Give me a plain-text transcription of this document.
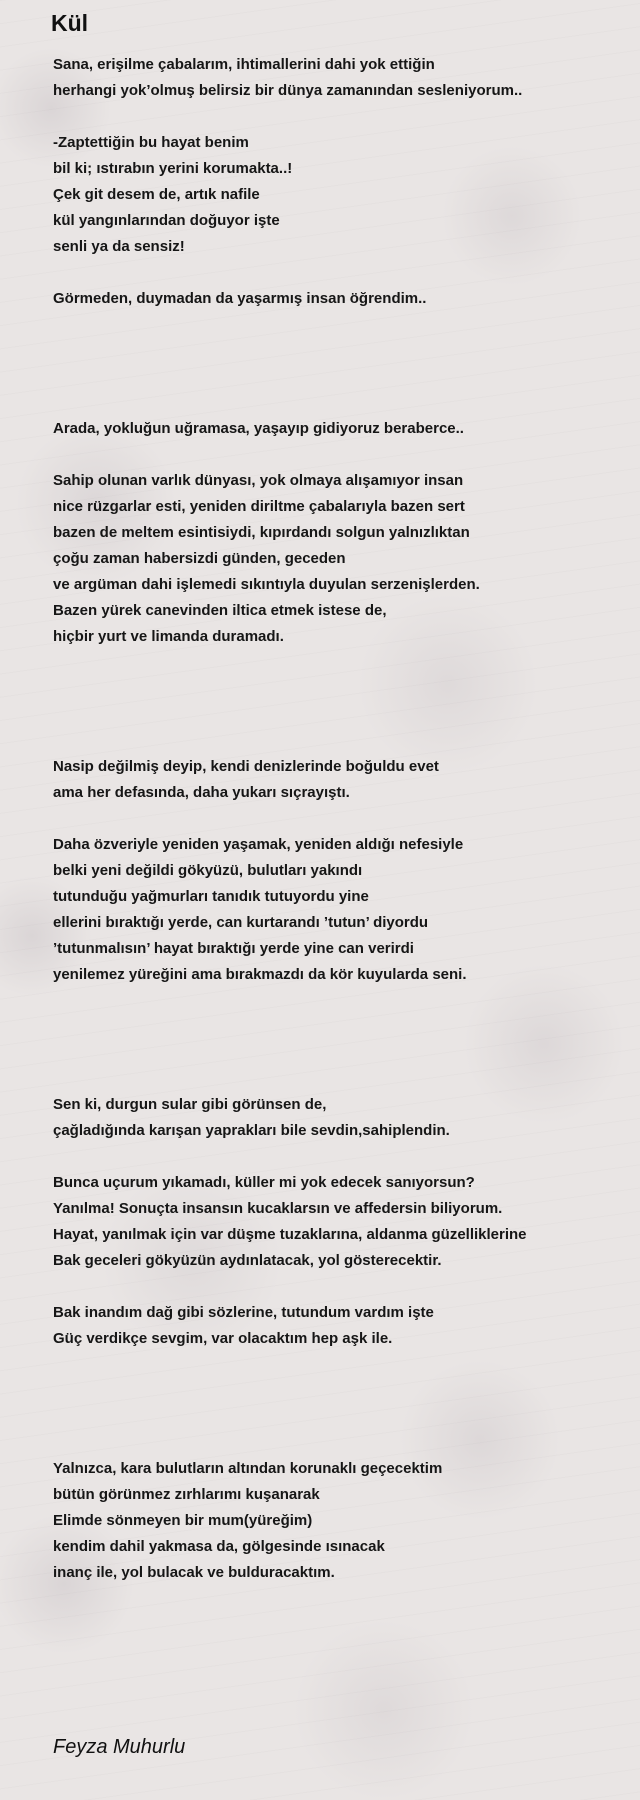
Kül
Sana, erişilme çabalarım, ihtimallerini dahi yok ettiğin
herhangi yok’olmuş belirsiz bir dünya zamanından sesleniyorum..
-Zaptettiğin bu hayat benim
bil ki; ıstırabın yerini korumakta..!
Çek git desem de, artık nafile
kül yangınlarından doğuyor işte
senli ya da sensiz!
Görmeden, duymadan da yaşarmış insan öğrendim..
Arada, yokluğun uğramasa, yaşayıp gidiyoruz beraberce..
Sahip olunan varlık dünyası, yok olmaya alışamıyor insan
nice rüzgarlar esti, yeniden diriltme çabalarıyla bazen sert
bazen de meltem esintisiydi, kıpırdandı solgun yalnızlıktan
çoğu zaman habersizdi günden, geceden
ve argüman dahi işlemedi sıkıntıyla duyulan serzenişlerden.
Bazen yürek canevinden iltica etmek istese de,
hiçbir yurt ve limanda duramadı.
Nasip değilmiş deyip, kendi denizlerinde boğuldu evet
ama her defasında, daha yukarı sıçrayıştı.
Daha özveriyle yeniden yaşamak, yeniden aldığı nefesiyle
belki yeni değildi gökyüzü, bulutları yakındı
tutunduğu yağmurları tanıdık tutuyordu yine
ellerini bıraktığı yerde, can kurtarandı ’tutun’ diyordu
’tutunmalısın’ hayat bıraktığı yerde yine can verirdi
yenilemez yüreğini ama bırakmazdı da kör kuyularda seni.
Sen ki, durgun sular gibi görünsen de,
çağladığında karışan yaprakları bile sevdin,sahiplendin.
Bunca uçurum yıkamadı, küller mi yok edecek sanıyorsun?
Yanılma! Sonuçta insansın kucaklarsın ve affedersin biliyorum.
Hayat, yanılmak için var düşme tuzaklarına, aldanma güzelliklerine
Bak geceleri gökyüzün aydınlatacak, yol gösterecektir.
Bak inandım dağ gibi sözlerine, tutundum vardım işte
Güç verdikçe sevgim, var olacaktım hep aşk ile.
Yalnızca, kara bulutların altından korunaklı geçecektim
bütün görünmez zırhlarımı kuşanarak
Elimde sönmeyen bir mum(yüreğim)
kendim dahil yakmasa da, gölgesinde ısınacak
inanç ile, yol bulacak ve bulduracaktım.
Feyza Muhurlu
